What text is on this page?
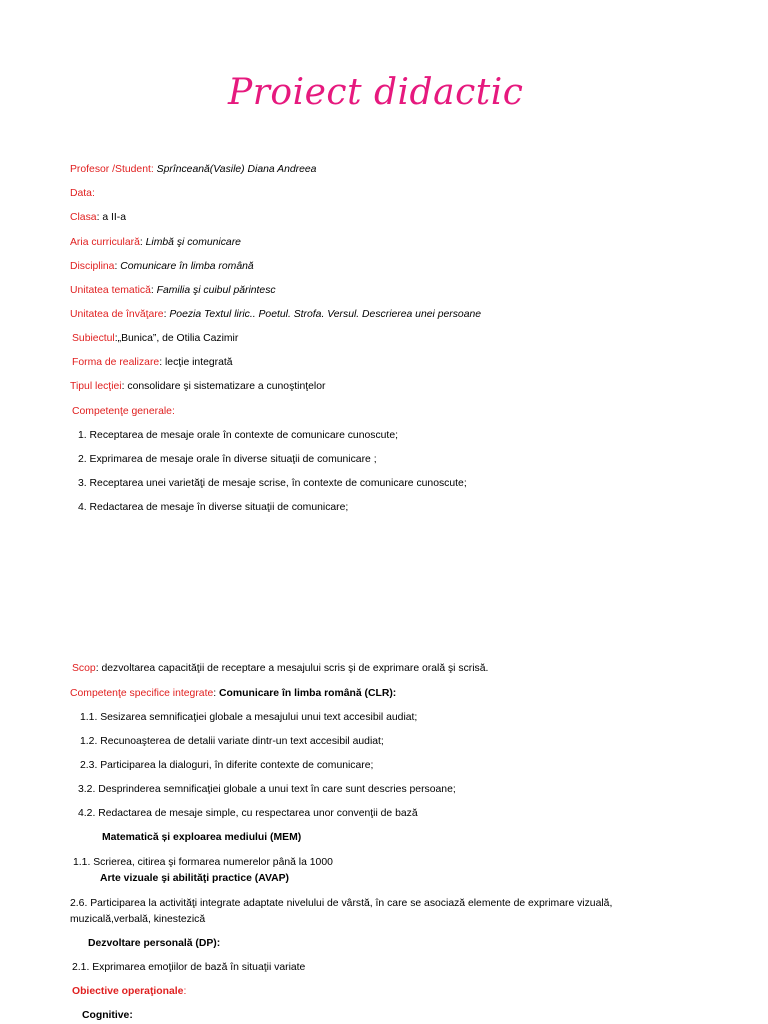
Proiect didactic
Profesor /Student: Sprînceană(Vasile) Diana Andreea
Data:
Clasa: a II-a
Aria curriculară: Limbă şi comunicare
Disciplina: Comunicare în limba română
Unitatea tematică: Familia şi cuibul părintesc
Unitatea de învăţare: Poezia Textul liric.. Poetul. Strofa. Versul. Descrierea unei persoane
Subiectul:„Bunica”, de Otilia Cazimir
Forma de realizare: lecţie integrată
Tipul lecţiei: consolidare şi sistematizare a cunoştinţelor
Competenţe generale:
1. Receptarea de mesaje orale în contexte de comunicare cunoscute;
2. Exprimarea de mesaje orale în diverse situaţii de comunicare ;
3. Receptarea unei varietăţi de mesaje scrise, în contexte de comunicare cunoscute;
4. Redactarea de mesaje în diverse situaţii de comunicare;
Scop: dezvoltarea capacităţii de receptare a mesajului scris şi de exprimare orală şi scrisă.
Competenţe specifice integrate: Comunicare în limba română (CLR):
1.1. Sesizarea semnificaţiei globale a mesajului unui text accesibil audiat;
1.2. Recunoaşterea de detalii variate dintr-un text accesibil audiat;
2.3. Participarea la dialoguri, în diferite contexte de comunicare;
3.2. Desprinderea semnificaţiei globale a unui text în care sunt descries persoane;
4.2. Redactarea de mesaje simple, cu respectarea unor convenţii de bază
Matematică și exploarea mediului (MEM)
1.1. Scrierea, citirea şi formarea numerelor până la 1000
Arte vizuale şi abilităţi practice (AVAP)
2.6. Participarea la activităţi integrate adaptate nivelului de vârstă, în care se asociază elemente de exprimare vizuală,
muzicală,verbală, kinestezică
Dezvoltare personală (DP):
2.1. Exprimarea emoţiilor de bază în situaţii variate
Obiective operaţionale:
Cognitive:
